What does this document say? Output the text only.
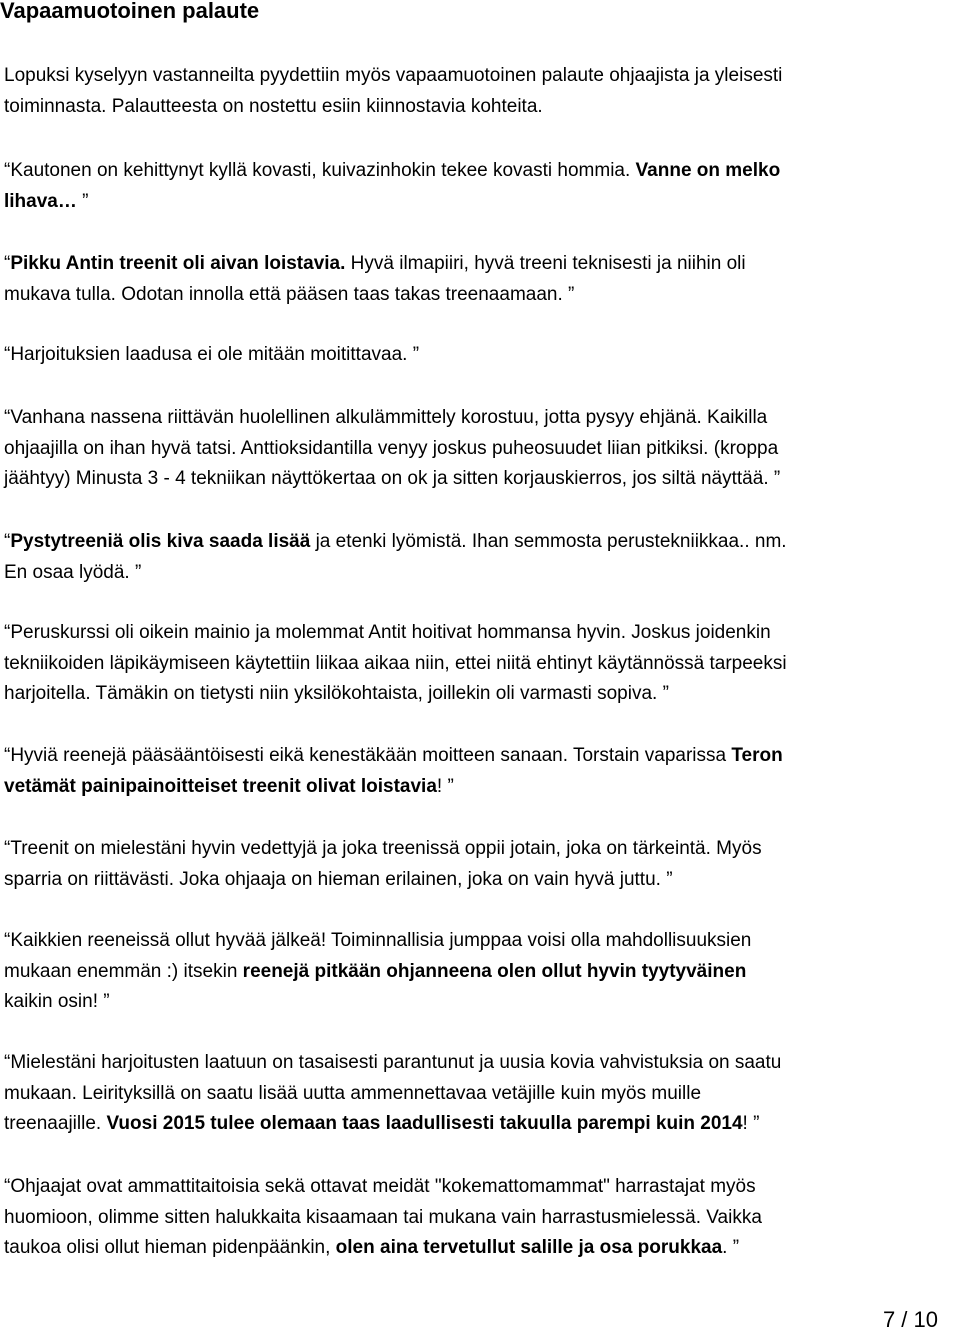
Vapaamuotoinen palaute

Lopuksi kyselyyn vastanneilta pyydettiin myös vapaamuotoinen palaute ohjaajista ja yleisesti
toiminnasta. Palautteesta on nostettu esiin kiinnostavia kohteita.

“Kautonen on kehittynyt kyllä kovasti, kuivazinhokin tekee kovasti hommia. Vanne on melko
lihava… ”

“Pikku Antin treenit oli aivan loistavia. Hyvä ilmapiiri, hyvä treeni teknisesti ja niihin oli
mukava tulla. Odotan innolla että pääsen taas takas treenaamaan. ”

“Harjoituksien laadusa ei ole mitään moitittavaa. ”

“Vanhana nassena riittävän huolellinen alkulämmittely korostuu, jotta pysyy ehjänä. Kaikilla
ohjaajilla on ihan hyvä tatsi. Anttioksidantilla venyy joskus puheosuudet liian pitkiksi. (kroppa
jäähtyy) Minusta 3 - 4 tekniikan näyttökertaa on ok ja sitten korjauskierros, jos siltä näyttää. ”

“Pystytreeniä olis kiva saada lisää ja etenki lyömistä. Ihan semmosta perustekniikkaa.. nm.
En osaa lyödä. ”

“Peruskurssi oli oikein mainio ja molemmat Antit hoitivat hommansa hyvin. Joskus joidenkin
tekniikoiden läpikäymiseen käytettiin liikaa aikaa niin, ettei niitä ehtinyt käytännössä tarpeeksi
harjoitella. Tämäkin on tietysti niin yksilökohtaista, joillekin oli varmasti sopiva. ”

“Hyviä reenejä pääsääntöisesti eikä kenestäkään moitteen sanaan. Torstain vaparissa Teron
vetämät painipainoitteiset treenit olivat loistavia! ”

“Treenit on mielestäni hyvin vedettyjä ja joka treenissä oppii jotain, joka on tärkeintä. Myös
sparria on riittävästi. Joka ohjaaja on hieman erilainen, joka on vain hyvä juttu. ”

“Kaikkien reeneissä ollut hyvää jälkeä! Toiminnallisia jumppaa voisi olla mahdollisuuksien
mukaan enemmän :) itsekin reenejä pitkään ohjanneena olen ollut hyvin tyytyväinen
kaikin osin! ”

“Mielestäni harjoitusten laatuun on tasaisesti parantunut ja uusia kovia vahvistuksia on saatu
mukaan. Leirityksillä on saatu lisää uutta ammennettavaa vetäjille kuin myös muille
treenaajille. Vuosi 2015 tulee olemaan taas laadullisesti takuulla parempi kuin 2014! ”

“Ohjaajat ovat ammattitaitoisia sekä ottavat meidät "kokemattomammat" harrastajat myös
huomioon, olimme sitten halukkaita kisaamaan tai mukana vain harrastusmielessä. Vaikka
taukoa olisi ollut hieman pidenpäänkin, olen aina tervetullut salille ja osa porukkaa. ”

7 / 10
